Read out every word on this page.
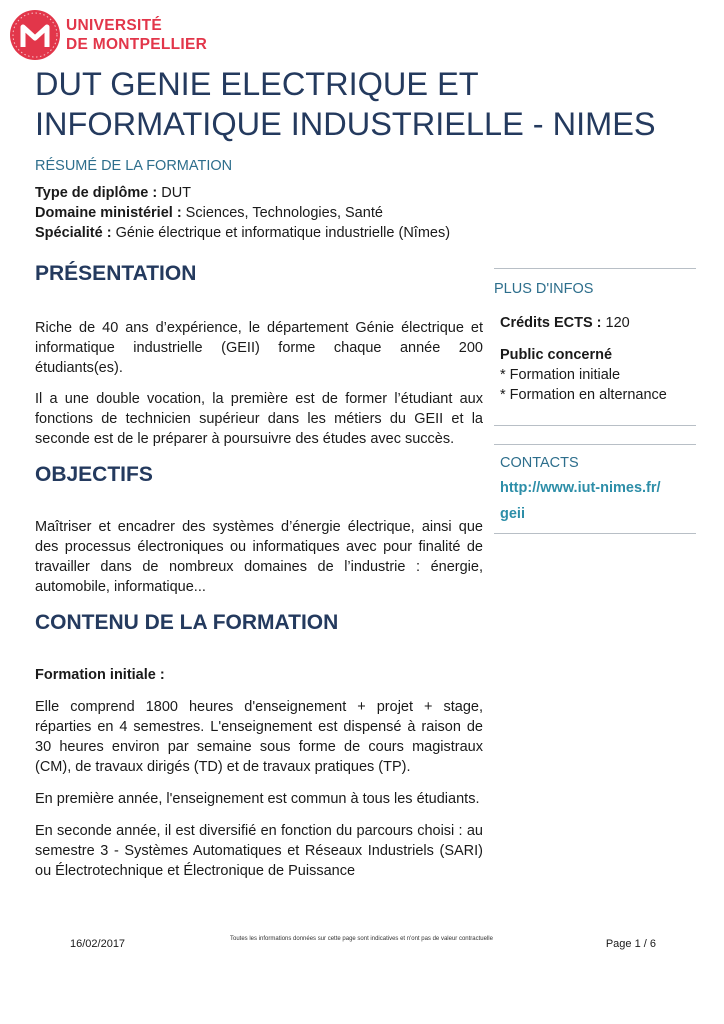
UNIVERSITÉ
DE MONTPELLIER
DUT GENIE ELECTRIQUE ET
INFORMATIQUE INDUSTRIELLE - NIMES
RÉSUMÉ DE LA FORMATION
Type de diplôme : DUT
Domaine ministériel : Sciences, Technologies, Santé
Spécialité : Génie électrique et informatique industrielle (Nîmes)
PRÉSENTATION

Riche de 40 ans d’expérience, le département Génie électrique et informatique industrielle (GEII) forme chaque année 200 étudiants(es).

Il a une double vocation, la première est de former l’étudiant aux fonctions de technicien supérieur dans les métiers du GEII et la seconde est de le préparer à poursuivre des études avec succès.

OBJECTIFS

Maîtriser et encadrer des systèmes d’énergie électrique, ainsi que des processus électroniques ou informatiques avec pour finalité de travailler dans de nombreux domaines de l’industrie : énergie, automobile, informatique...

CONTENU DE LA FORMATION

Formation initiale :

Elle comprend 1800 heures d'enseignement + projet + stage, réparties en 4 semestres. L'enseignement est dispensé à raison de 30 heures environ par semaine sous forme de cours magistraux (CM), de travaux dirigés (TD) et de travaux pratiques (TP).

En première année, l'enseignement est commun à tous les étudiants.

En seconde année, il est diversifié en fonction du parcours choisi : au semestre 3 - Systèmes Automatiques et Réseaux Industriels (SARI) ou Électrotechnique et Électronique de Puissance

PLUS D'INFOS
Crédits ECTS : 120
Public concerné
* Formation initiale
* Formation en alternance
CONTACTS
http://www.iut-nimes.fr/
geii
16/02/2017	Toutes les informations données sur cette page sont indicatives et n'ont pas de valeur contractuelle	Page 1 / 6
